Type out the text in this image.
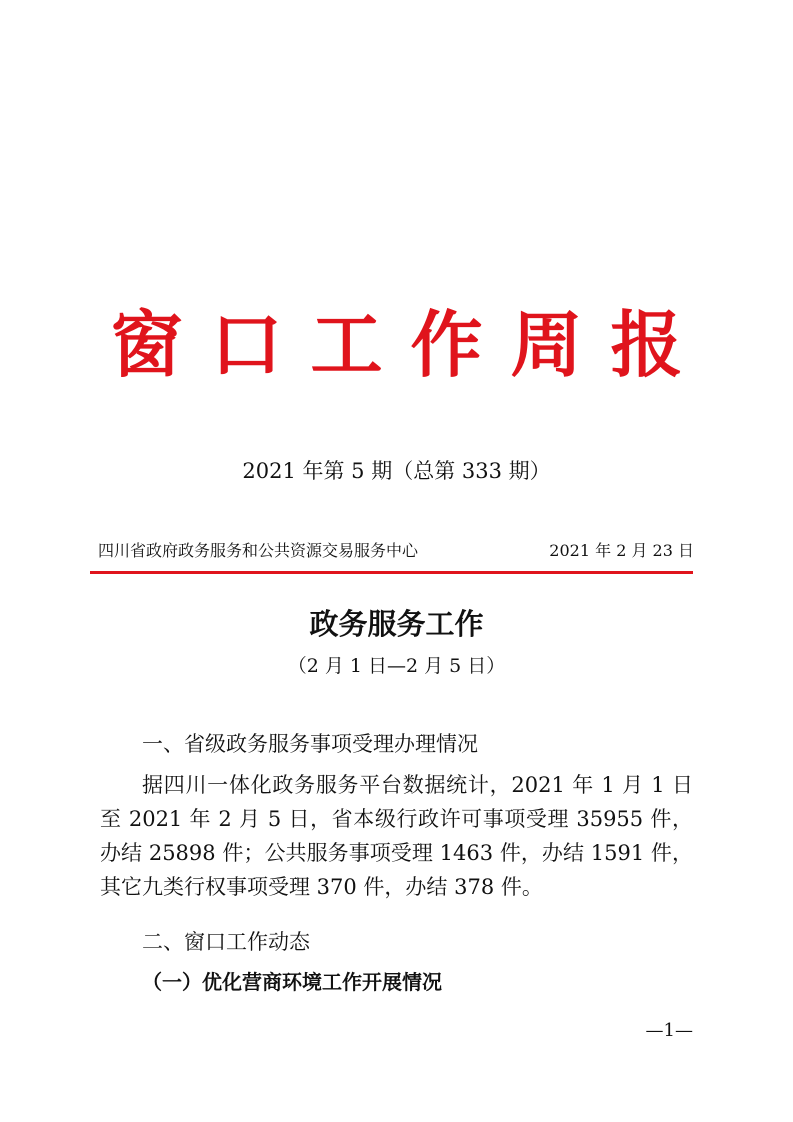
窗 口 工 作 周 报
2021 年第 5 期（总第 333 期）
四川省政府政务服务和公共资源交易服务中心	2021 年 2 月 23 日
政务服务工作
（2 月 1 日—2 月 5 日）
一、省级政务服务事项受理办理情况

据四川一体化政务服务平台数据统计，2021 年 1 月 1 日至 2021 年 2 月 5 日，省本级行政许可事项受理 35955 件，办结 25898 件；公共服务事项受理 1463 件，办结 1591 件，其它九类行权事项受理 370 件，办结 378 件。

二、窗口工作动态
（一）优化营商环境工作开展情况
—1—
